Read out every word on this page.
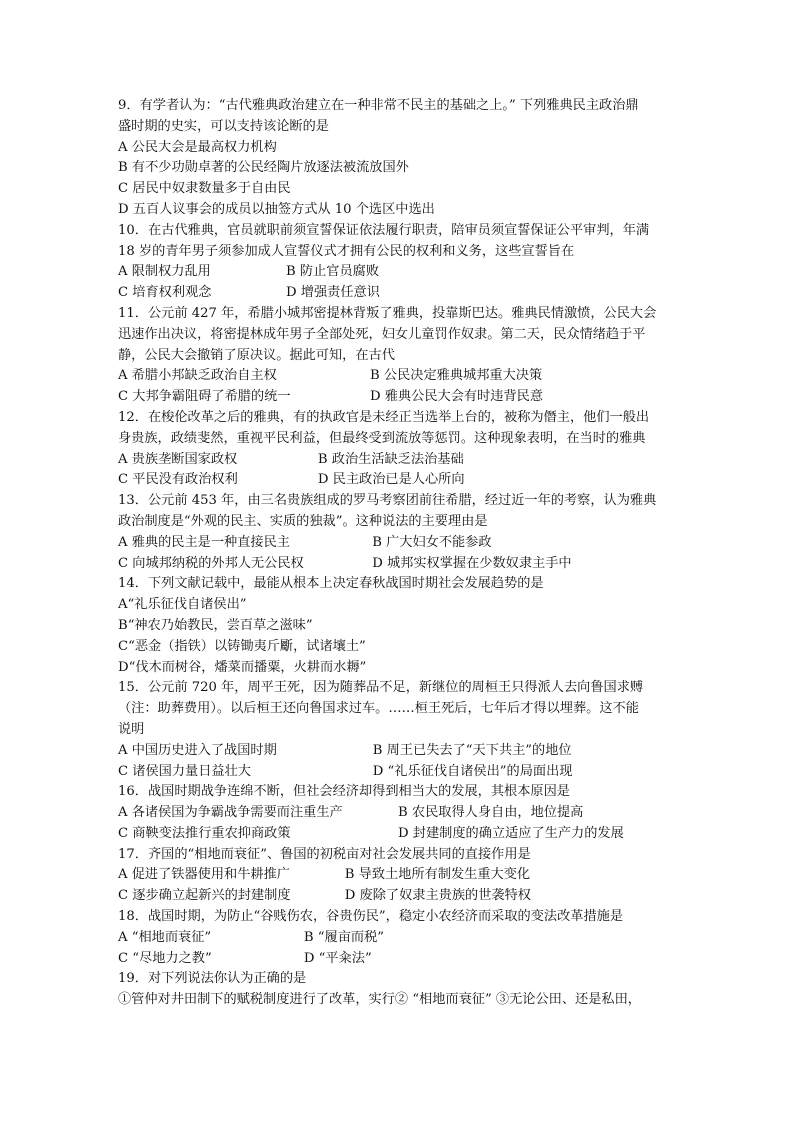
9．有学者认为：“古代雅典政治建立在一种非常不民主的基础之上。” 下列雅典民主政治鼎
盛时期的史实，可以支持该论断的是
A 公民大会是最高权力机构
B 有不少功勋卓著的公民经陶片放逐法被流放国外
C 居民中奴隶数量多于自由民
D 五百人议事会的成员以抽签方式从 10 个选区中选出
10．在古代雅典，官员就职前须宣誓保证依法履行职责，陪审员须宣誓保证公平审判，年满
18 岁的青年男子须参加成人宣誓仪式才拥有公民的权利和义务，这些宣誓旨在
A 限制权力乱用	B 防止官员腐败
C 培育权利观念	D 增强责任意识
11．公元前 427 年，希腊小城邦密提林背叛了雅典，投靠斯巴达。雅典民情激愤，公民大会
迅速作出决议，将密提林成年男子全部处死，妇女儿童罚作奴隶。第二天，民众情绪趋于平
静，公民大会撤销了原决议。据此可知，在古代
A 希腊小邦缺乏政治自主权	B 公民决定雅典城邦重大决策
C 大邦争霸阻碍了希腊的统一	D 雅典公民大会有时违背民意
12．在梭伦改革之后的雅典，有的执政官是未经正当选举上台的，被称为僭主，他们一般出
身贵族，政绩斐然，重视平民利益，但最终受到流放等惩罚。这种现象表明，在当时的雅典
A 贵族垄断国家政权	B 政治生活缺乏法治基础
C 平民没有政治权利	D 民主政治已是人心所向
13．公元前 453 年，由三名贵族组成的罗马考察团前往希腊，经过近一年的考察，认为雅典
政治制度是“外观的民主、实质的独裁”。这种说法的主要理由是
A 雅典的民主是一种直接民主	B 广大妇女不能参政
C 向城邦纳税的外邦人无公民权	D 城邦实权掌握在少数奴隶主手中
14．下列文献记载中，最能从根本上决定春秋战国时期社会发展趋势的是
A“礼乐征伐自诸侯出”
B“神农乃始教民，尝百草之滋味”
C“恶金（指铁）以铸锄夷斤斸，试诸壤土”
D“伐木而树谷，燔菜而播粟，火耕而水耨”
15．公元前 720 年，周平王死，因为随葬品不足，新继位的周桓王只得派人去向鲁国求赙
（注：助葬费用）。以后桓王还向鲁国求过车。……桓王死后，七年后才得以埋葬。这不能
说明
A 中国历史进入了战国时期	B 周王已失去了“天下共主”的地位
C 诸侯国力量日益壮大	D “礼乐征伐自诸侯出”的局面出现
16．战国时期战争连绵不断，但社会经济却得到相当大的发展，其根本原因是
A 各诸侯国为争霸战争需要而注重生产	B 农民取得人身自由，地位提高
C 商鞅变法推行重农抑商政策	D 封建制度的确立适应了生产力的发展
17．齐国的“相地而衰征”、鲁国的初税亩对社会发展共同的直接作用是
A 促进了铁器使用和牛耕推广	B 导致土地所有制发生重大变化
C 逐步确立起新兴的封建制度	D 废除了奴隶主贵族的世袭特权
18．战国时期，为防止“谷贱伤农，谷贵伤民”，稳定小农经济而采取的变法改革措施是
A “相地而衰征”	B “履亩而税”
C “尽地力之教”	D “平籴法”
19．对下列说法你认为正确的是
①管仲对井田制下的赋税制度进行了改革，实行② “相地而衰征” ③无论公田、还是私田，
